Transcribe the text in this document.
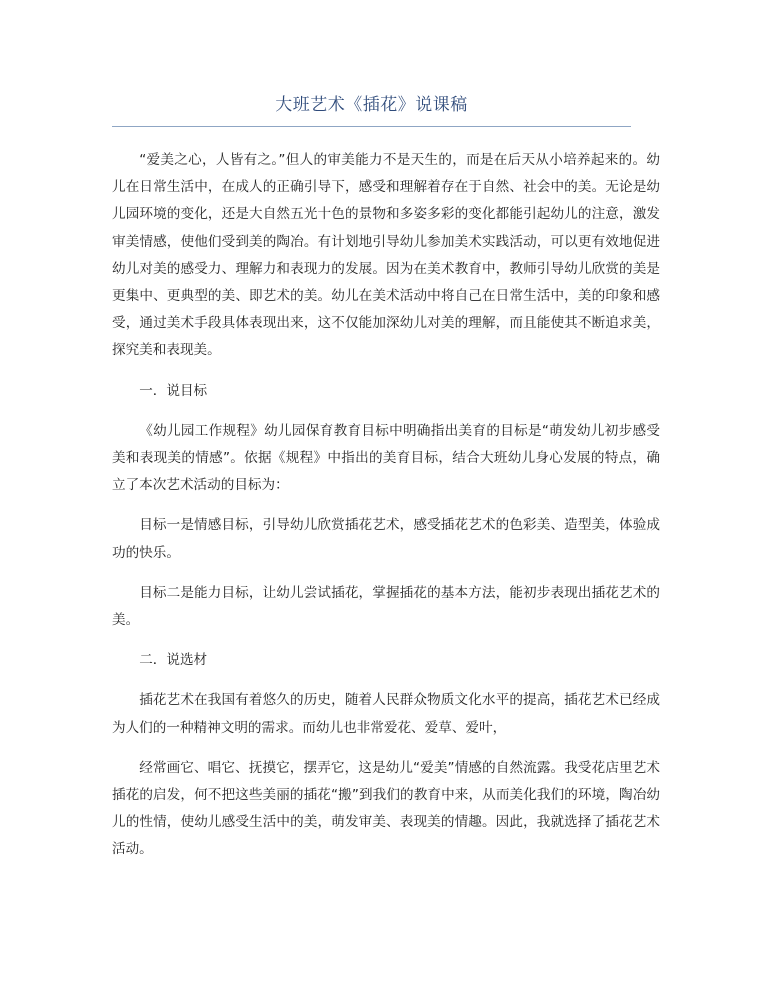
大班艺术《插花》说课稿

“爱美之心，人皆有之。”但人的审美能力不是天生的，而是在后天从小培养起来的。幼儿在日常生活中，在成人的正确引导下，感受和理解着存在于自然、社会中的美。无论是幼儿园环境的变化，还是大自然五光十色的景物和多姿多彩的变化都能引起幼儿的注意，激发审美情感，使他们受到美的陶冶。有计划地引导幼儿参加美术实践活动，可以更有效地促进幼儿对美的感受力、理解力和表现力的发展。因为在美术教育中，教师引导幼儿欣赏的美是更集中、更典型的美、即艺术的美。幼儿在美术活动中将自己在日常生活中，美的印象和感受，通过美术手段具体表现出来，这不仅能加深幼儿对美的理解，而且能使其不断追求美，探究美和表现美。

一．说目标

《幼儿园工作规程》幼儿园保育教育目标中明确指出美育的目标是“萌发幼儿初步感受美和表现美的情感”。依据《规程》中指出的美育目标，结合大班幼儿身心发展的特点，确立了本次艺术活动的目标为：

目标一是情感目标，引导幼儿欣赏插花艺术，感受插花艺术的色彩美、造型美，体验成功的快乐。

目标二是能力目标，让幼儿尝试插花，掌握插花的基本方法，能初步表现出插花艺术的美。

二．说选材

插花艺术在我国有着悠久的历史，随着人民群众物质文化水平的提高，插花艺术已经成为人们的一种精神文明的需求。而幼儿也非常爱花、爱草、爱叶，

经常画它、唱它、抚摸它，摆弄它，这是幼儿“爱美”情感的自然流露。我受花店里艺术插花的启发，何不把这些美丽的插花“搬”到我们的教育中来，从而美化我们的环境，陶冶幼儿的性情，使幼儿感受生活中的美，萌发审美、表现美的情趣。因此，我就选择了插花艺术活动。
